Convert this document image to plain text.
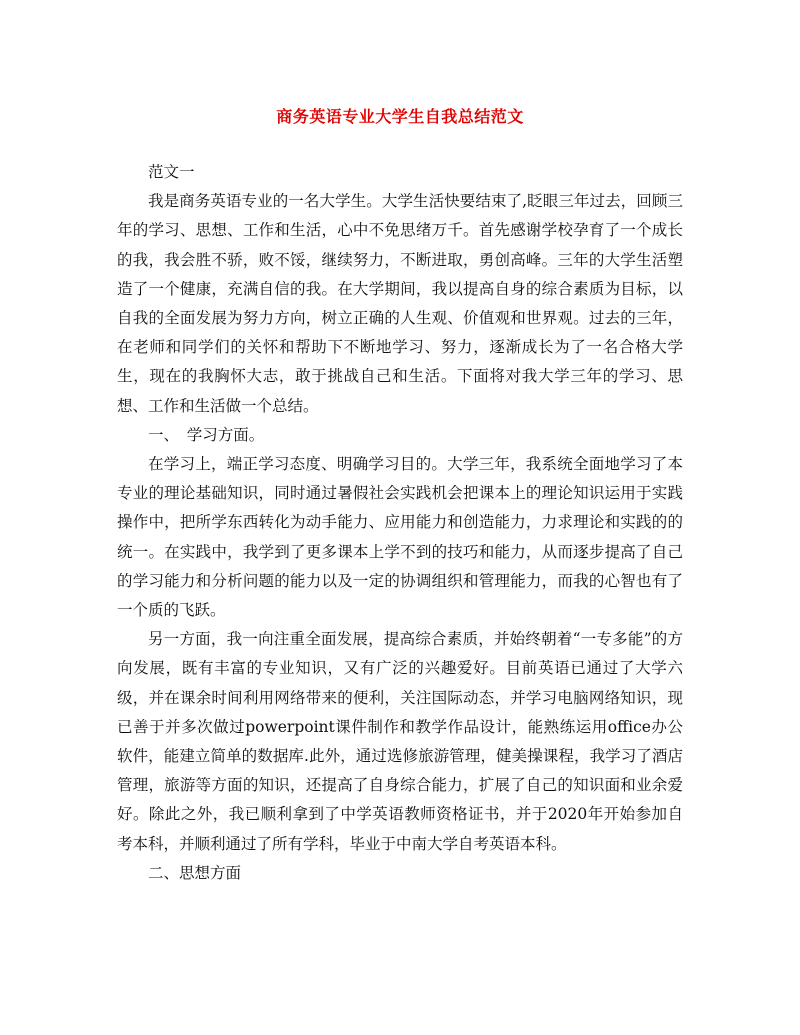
商务英语专业大学生自我总结范文

范文一

我是商务英语专业的一名大学生。大学生活快要结束了,眨眼三年过去，回顾三年的学习、思想、工作和生活，心中不免思绪万千。首先感谢学校孕育了一个成长的我，我会胜不骄，败不馁，继续努力，不断进取，勇创高峰。三年的大学生活塑造了一个健康，充满自信的我。在大学期间，我以提高自身的综合素质为目标，以自我的全面发展为努力方向，树立正确的人生观、价值观和世界观。过去的三年，在老师和同学们的关怀和帮助下不断地学习、努力，逐渐成长为了一名合格大学生，现在的我胸怀大志，敢于挑战自己和生活。下面将对我大学三年的学习、思想、工作和生活做一个总结。

一、　学习方面。

在学习上，端正学习态度、明确学习目的。大学三年，我系统全面地学习了本专业的理论基础知识，同时通过暑假社会实践机会把课本上的理论知识运用于实践操作中，把所学东西转化为动手能力、应用能力和创造能力，力求理论和实践的的统一。在实践中，我学到了更多课本上学不到的技巧和能力，从而逐步提高了自己的学习能力和分析问题的能力以及一定的协调组织和管理能力，而我的心智也有了一个质的飞跃。

另一方面，我一向注重全面发展，提高综合素质，并始终朝着“一专多能”的方向发展，既有丰富的专业知识，又有广泛的兴趣爱好。目前英语已通过了大学六级，并在课余时间利用网络带来的便利，关注国际动态，并学习电脑网络知识，现已善于并多次做过powerpoint课件制作和教学作品设计，能熟练运用office办公软件，能建立简单的数据库.此外，通过选修旅游管理，健美操课程，我学习了酒店管理，旅游等方面的知识，还提高了自身综合能力，扩展了自己的知识面和业余爱好。除此之外，我已顺利拿到了中学英语教师资格证书，并于2020年开始参加自考本科，并顺利通过了所有学科，毕业于中南大学自考英语本科。

二、思想方面
